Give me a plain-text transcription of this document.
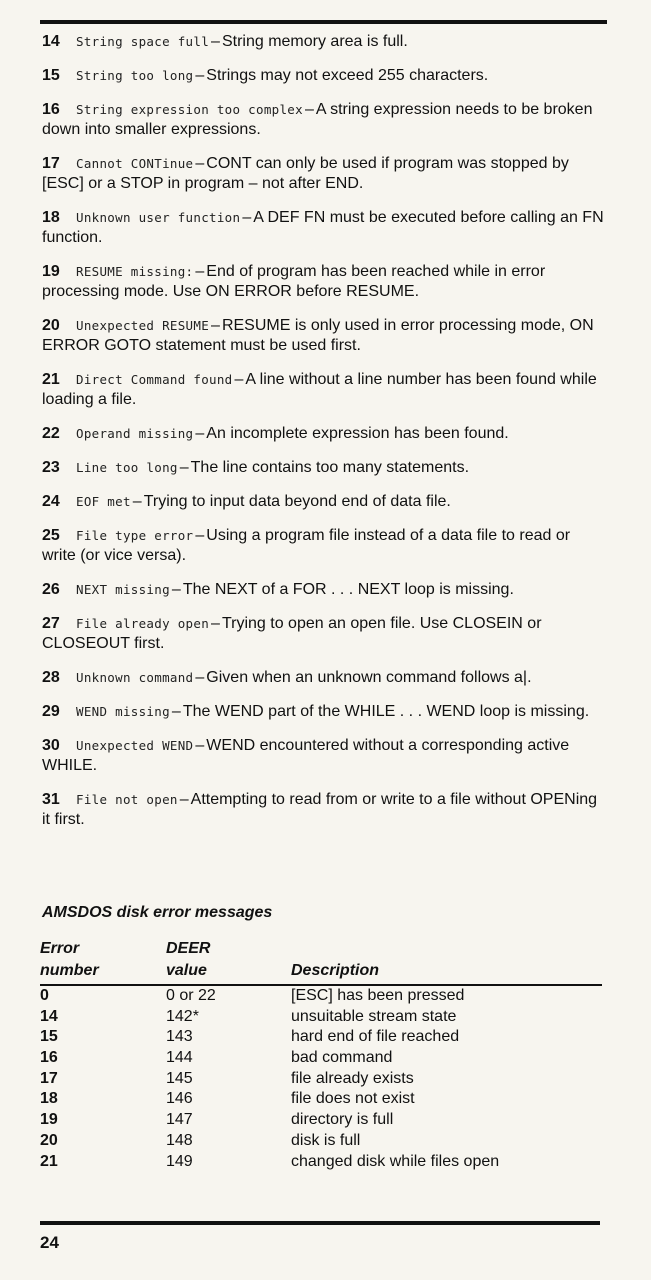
14 String space full – String memory area is full.
15 String too long – Strings may not exceed 255 characters.
16 String expression too complex – A string expression needs to be broken down into smaller expressions.
17 Cannot CONTinue – CONT can only be used if program was stopped by [ESC] or a STOP in program – not after END.
18 Unknown user function – A DEF FN must be executed before calling an FN function.
19 RESUME missing: – End of program has been reached while in error processing mode. Use ON ERROR before RESUME.
20 Unexpected RESUME – RESUME is only used in error processing mode, ON ERROR GOTO statement must be used first.
21 Direct Command found – A line without a line number has been found while loading a file.
22 Operand missing – An incomplete expression has been found.
23 Line too long – The line contains too many statements.
24 EOF met – Trying to input data beyond end of data file.
25 File type error – Using a program file instead of a data file to read or write (or vice versa).
26 NEXT missing – The NEXT of a FOR . . . NEXT loop is missing.
27 File already open – Trying to open an open file. Use CLOSEIN or CLOSEOUT first.
28 Unknown command – Given when an unknown command follows a|.
29 WEND missing – The WEND part of the WHILE . . . WEND loop is missing.
30 Unexpected WEND – WEND encountered without a corresponding active WHILE.
31 File not open – Attempting to read from or write to a file without OPENing it first.
AMSDOS disk error messages
Error
number
DEER
value	Description
0	0 or 22	[ESC] has been pressed
14	142*	unsuitable stream state
15	143	hard end of file reached
16	144	bad command
17	145	file already exists
18	146	file does not exist
19	147	directory is full
20	148	disk is full
21	149	changed disk while files open
24
